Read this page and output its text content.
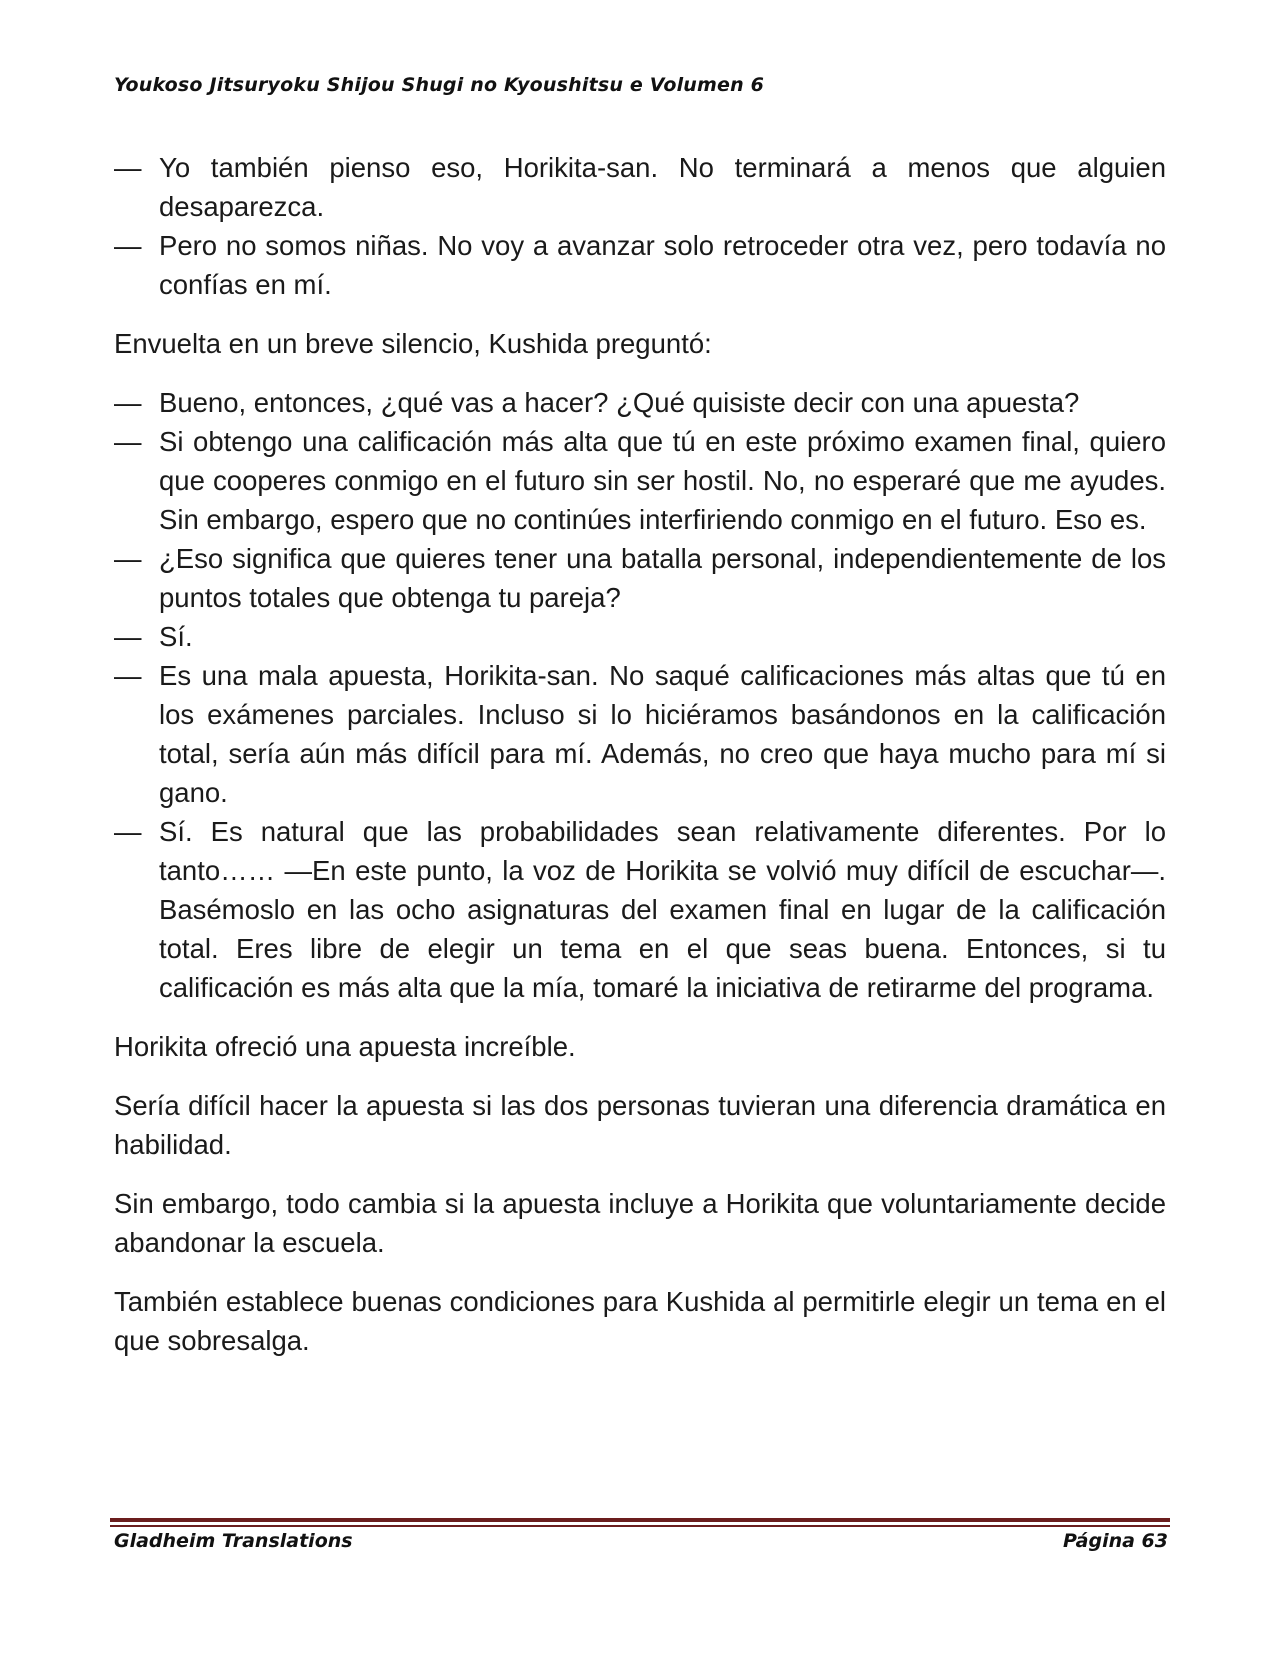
Youkoso Jitsuryoku Shijou Shugi no Kyoushitsu e Volumen 6

— Yo también pienso eso, Horikita-san. No terminará a menos que alguien desaparezca.

— Pero no somos niñas. No voy a avanzar solo retroceder otra vez, pero todavía no confías en mí.

Envuelta en un breve silencio, Kushida preguntó:

— Bueno, entonces, ¿qué vas a hacer? ¿Qué quisiste decir con una apuesta?

— Si obtengo una calificación más alta que tú en este próximo examen final, quiero que cooperes conmigo en el futuro sin ser hostil. No, no esperaré que me ayudes. Sin embargo, espero que no continúes interfiriendo conmigo en el futuro. Eso es.

— ¿Eso significa que quieres tener una batalla personal, independientemente de los puntos totales que obtenga tu pareja?

— Sí.

— Es una mala apuesta, Horikita-san. No saqué calificaciones más altas que tú en los exámenes parciales. Incluso si lo hiciéramos basándonos en la calificación total, sería aún más difícil para mí. Además, no creo que haya mucho para mí si gano.

— Sí. Es natural que las probabilidades sean relativamente diferentes. Por lo tanto…… —En este punto, la voz de Horikita se volvió muy difícil de escuchar—. Basémoslo en las ocho asignaturas del examen final en lugar de la calificación total. Eres libre de elegir un tema en el que seas buena. Entonces, si tu calificación es más alta que la mía, tomaré la iniciativa de retirarme del programa.

Horikita ofreció una apuesta increíble.

Sería difícil hacer la apuesta si las dos personas tuvieran una diferencia dramática en habilidad.

Sin embargo, todo cambia si la apuesta incluye a Horikita que voluntariamente decide abandonar la escuela.

También establece buenas condiciones para Kushida al permitirle elegir un tema en el que sobresalga.

Gladheim Translations	Página 63
